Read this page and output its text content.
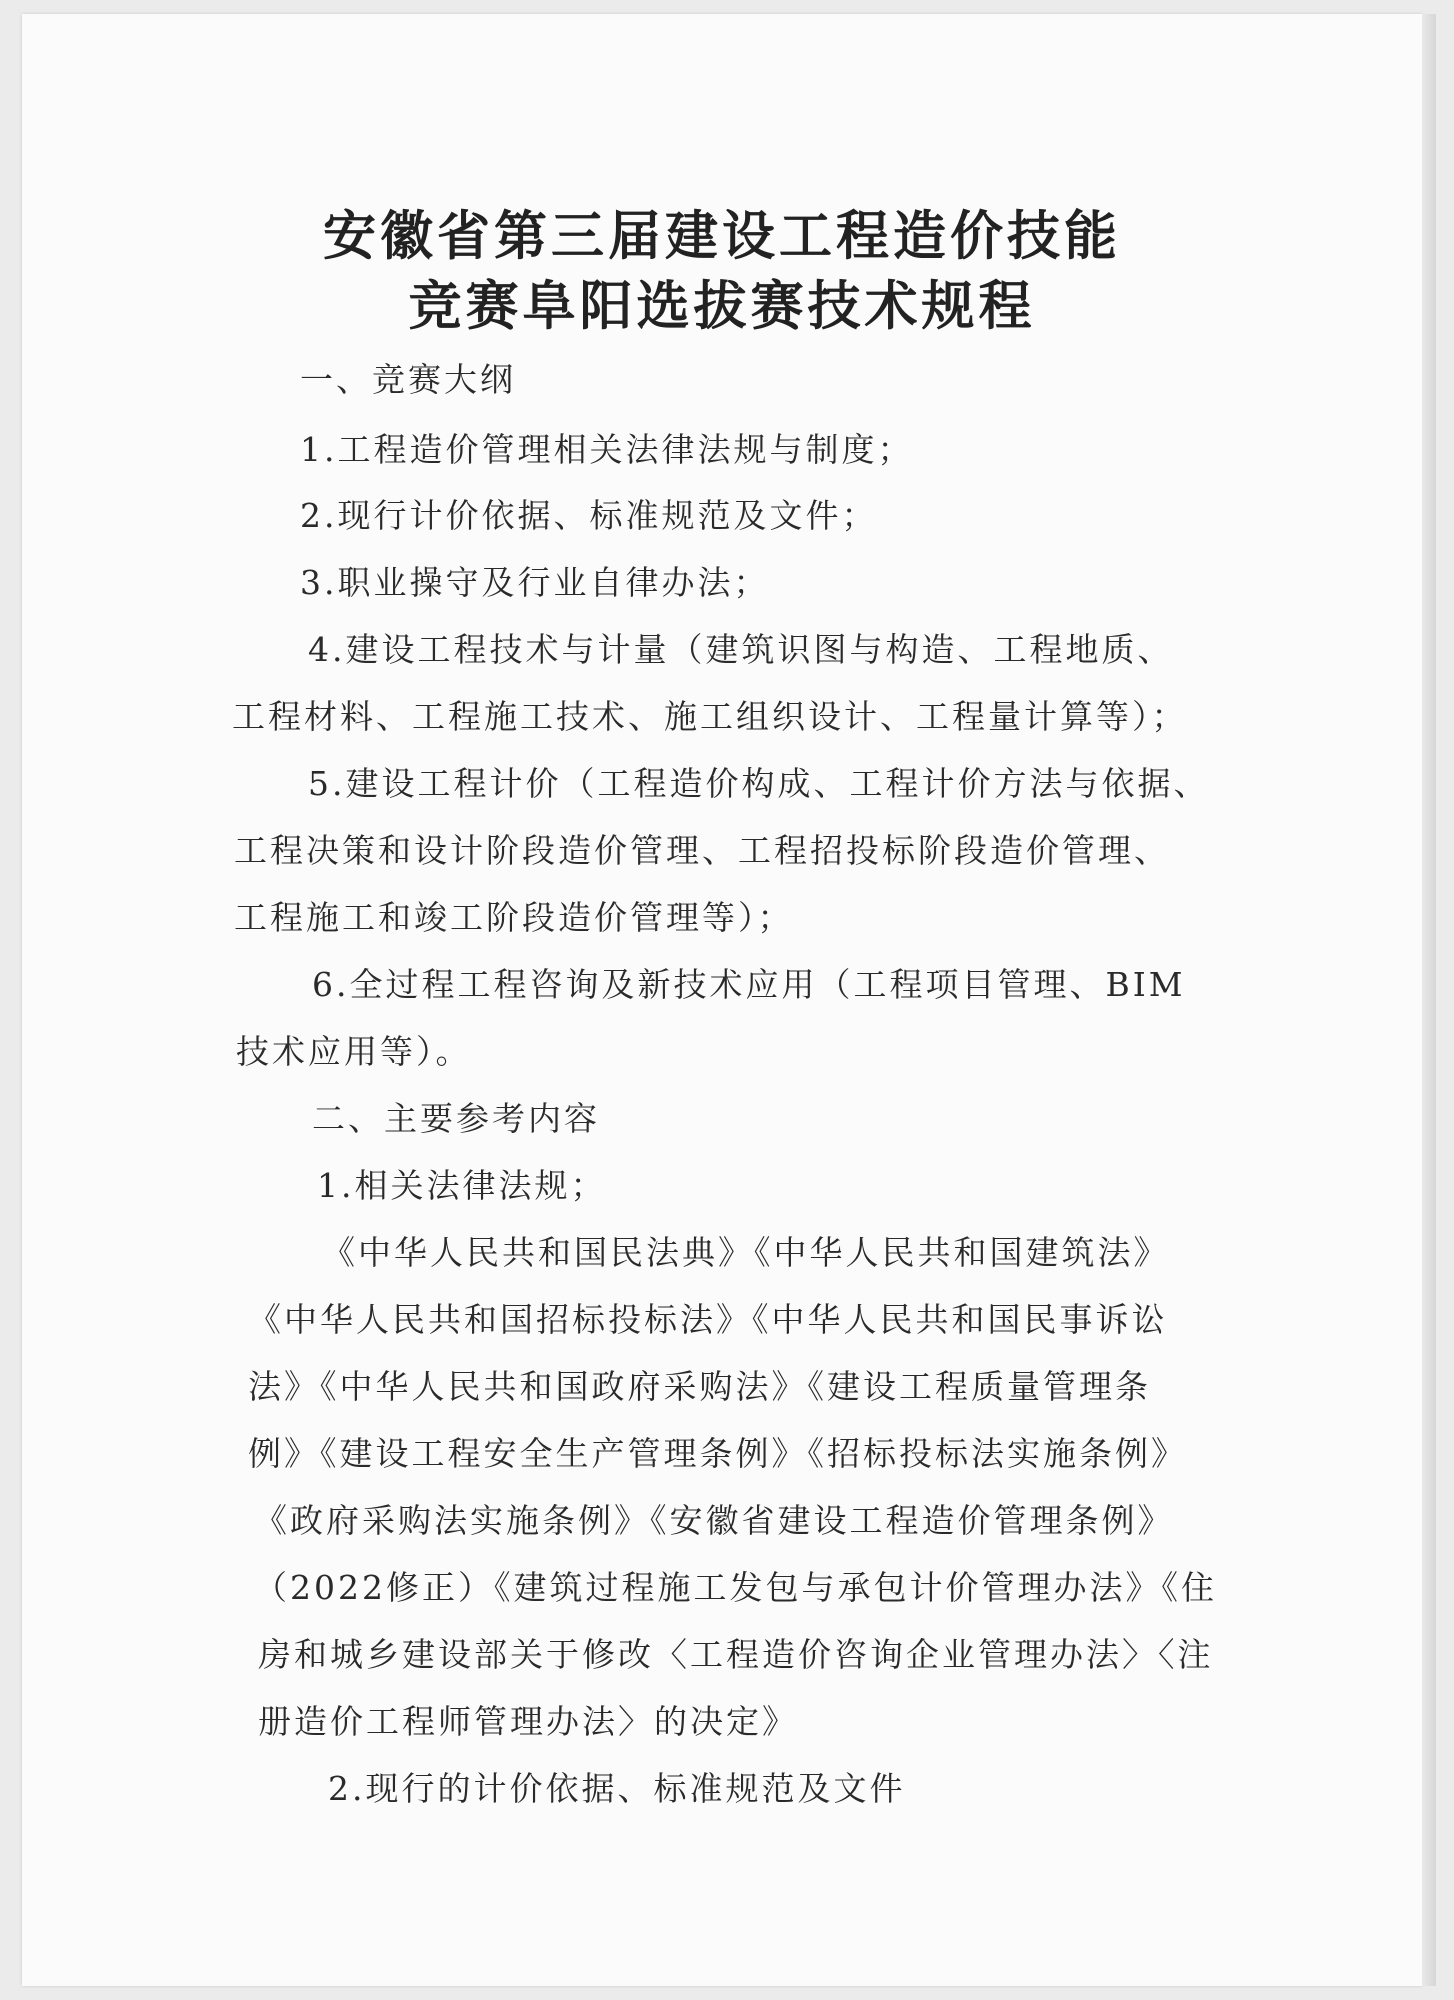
安徽省第三届建设工程造价技能
竞赛阜阳选拔赛技术规程
一、竞赛大纲
1.工程造价管理相关法律法规与制度；
2.现行计价依据、标准规范及文件；
3.职业操守及行业自律办法；
4.建设工程技术与计量（建筑识图与构造、工程地质、
工程材料、工程施工技术、施工组织设计、工程量计算等）；
5.建设工程计价（工程造价构成、工程计价方法与依据、
工程决策和设计阶段造价管理、工程招投标阶段造价管理、
工程施工和竣工阶段造价管理等）；
6.全过程工程咨询及新技术应用（工程项目管理、BIM
技术应用等）。
二、主要参考内容
1.相关法律法规；
《中华人民共和国民法典》《中华人民共和国建筑法》
《中华人民共和国招标投标法》《中华人民共和国民事诉讼
法》《中华人民共和国政府采购法》《建设工程质量管理条
例》《建设工程安全生产管理条例》《招标投标法实施条例》
《政府采购法实施条例》《安徽省建设工程造价管理条例》
（2022修正）《建筑过程施工发包与承包计价管理办法》《住
房和城乡建设部关于修改〈工程造价咨询企业管理办法〉〈注
册造价工程师管理办法〉的决定》
2.现行的计价依据、标准规范及文件
